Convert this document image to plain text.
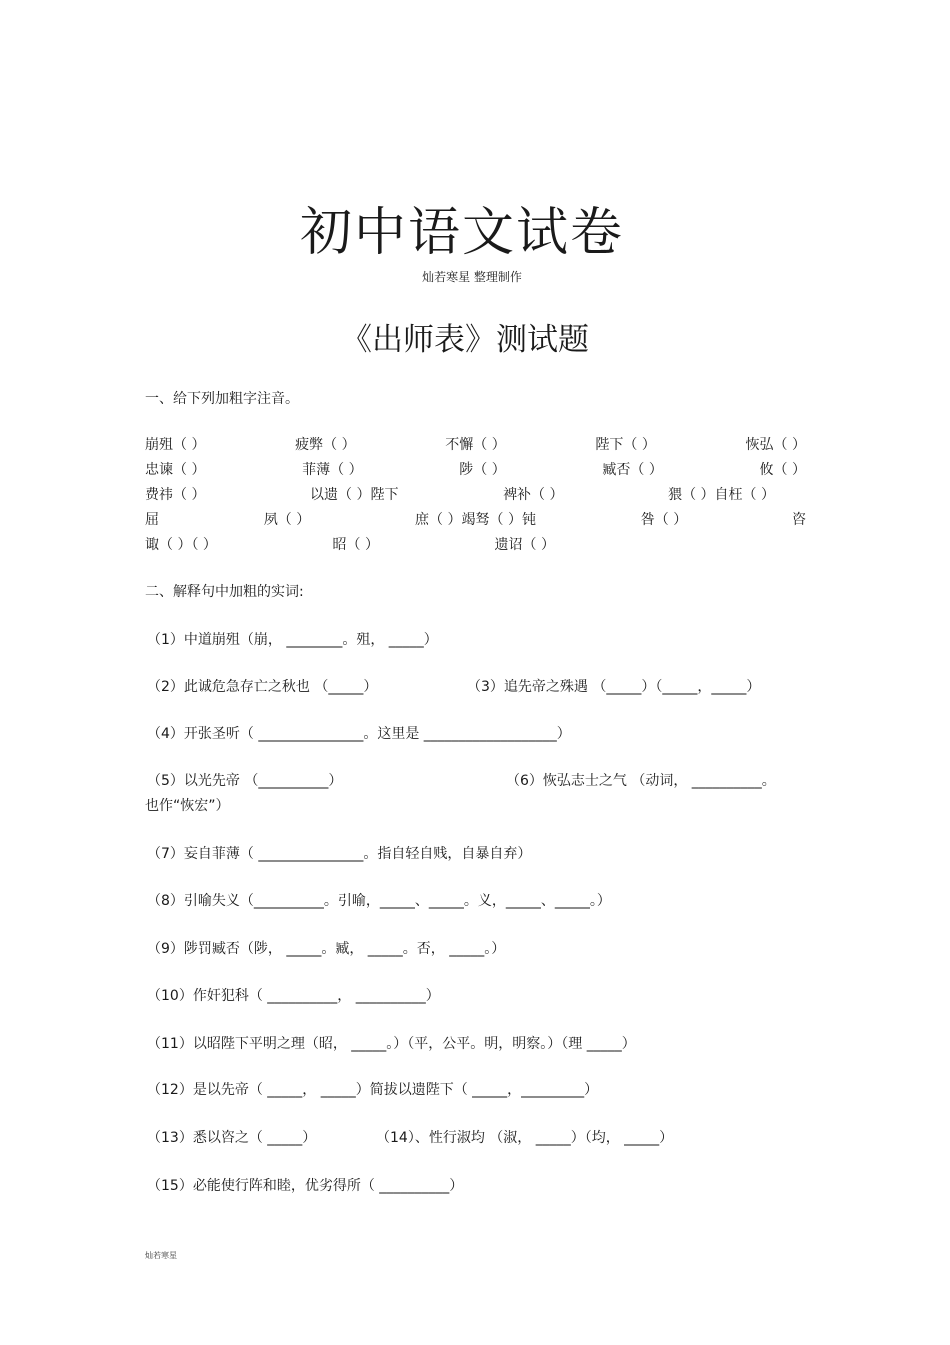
初中语文试卷
灿若寒星 整理制作
《出师表》测试题
一、给下列加粗字注音。
崩殂（ ）	疲弊（ ）	不懈（ ）	陛下（ ）	恢弘（ ）
忠谏（ ）	菲薄（ ）	陟（ ）	臧否（ ）	攸（ ）
费祎（ ）	以遗（ ）陛下	裨补（ ）	猥（ ）自枉（ ）
屈	夙（ ）	庶（ ）竭驽（ ）钝	咎（ ）	咨
诹（ ）（ ）	昭（ ）	遗诏（ ）
二、解释句中加粗的实词:
（1）中道崩殂（崩， ________。殂， _____）
（2）此诚危急存亡之秋也 （_____）	（3）追先帝之殊遇 （_____）（_____，_____）
（4）开张圣听（ _______________。这里是 ___________________）
（5）以光先帝 （__________）	（6）恢弘志士之气 （动词， __________。
也作“恢宏”）
（7）妄自菲薄（ _______________。指自轻自贱，自暴自弃）
（8）引喻失义（__________。引喻，_____、_____。义，_____、_____。）
（9）陟罚臧否（陟， _____。臧， _____。否， _____。）
（10）作奸犯科（ __________， __________）
（11）以昭陛下平明之理（昭， _____。）（平，公平。明，明察。）（理 _____）
（12）是以先帝（ _____， _____）简拔以遗陛下（ _____，_________）
（13）悉以咨之（ _____）	（14）、性行淑均 （淑， _____）（均， _____）
（15）必能使行阵和睦，优劣得所（ __________）
灿若寒星
